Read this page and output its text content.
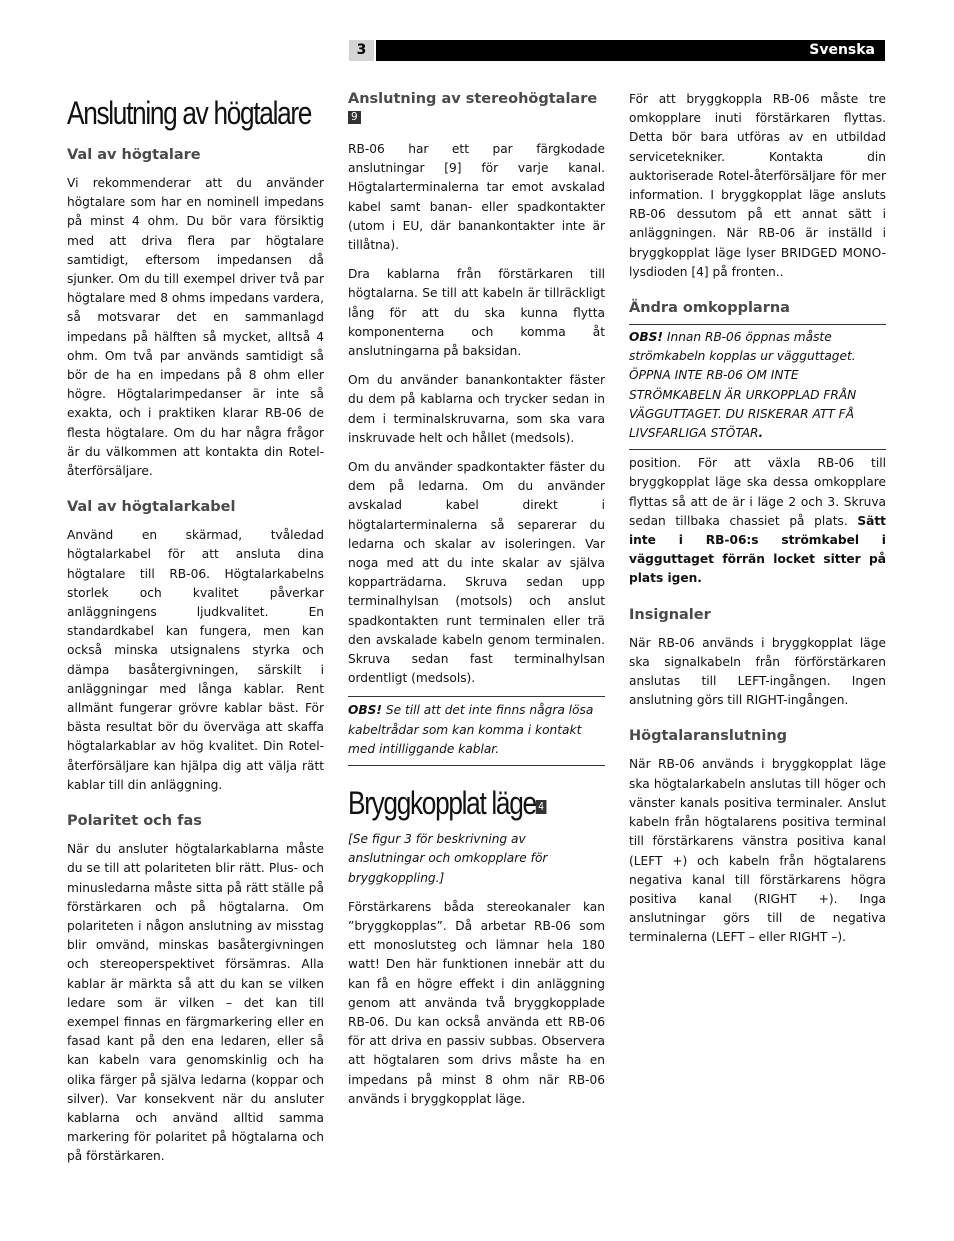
3	Svenska
Anslutning av högtalare
Val av högtalare

Vi rekommenderar att du använder högtalare som har en nominell impedans på minst 4 ohm. Du bör vara försiktig med att driva flera par högtalare samtidigt, eftersom impedansen då sjunker. Om du till exempel driver två par högtalare med 8 ohms impedans vardera, så motsvarar det en sammanlagd impedans på hälften så mycket, alltså 4 ohm. Om två par används samtidigt så bör de ha en impedans på 8 ohm eller högre. Högtalarimpedanser är inte så exakta, och i praktiken klarar RB-06 de flesta högtalare. Om du har några frågor är du välkommen att kontakta din Rotel-återförsäljare.

Val av högtalarkabel

Använd en skärmad, tvåledad högtalarkabel för att ansluta dina högtalare till RB-06. Högtalarkabelns storlek och kvalitet påverkar anläggningens ljudkvalitet. En standardkabel kan fungera, men kan också minska utsignalens styrka och dämpa basåtergivningen, särskilt i anläggningar med långa kablar. Rent allmänt fungerar grövre kablar bäst. För bästa resultat bör du överväga att skaffa högtalarkablar av hög kvalitet. Din Rotel-återförsäljare kan hjälpa dig att välja rätt kablar till din anläggning.

Polaritet och fas

När du ansluter högtalarkablarna måste du se till att polariteten blir rätt. Plus- och minusledarna måste sitta på rätt ställe på förstärkaren och på högtalarna. Om polariteten i någon anslutning av misstag blir omvänd, minskas basåtergivningen och stereoperspektivet försämras. Alla kablar är märkta så att du kan se vilken ledare som är vilken – det kan till exempel finnas en färgmarkering eller en fasad kant på den ena ledaren, eller så kan kabeln vara genomskinlig och ha olika färger på själva ledarna (koppar och silver). Var konsekvent när du ansluter kablarna och använd alltid samma markering för polaritet på högtalarna och på förstärkaren.

Anslutning av stereohögtalare 9

RB-06 har ett par färgkodade anslutningar [9] för varje kanal. Högtalarterminalerna tar emot avskalad kabel samt banan- eller spadkontakter (utom i EU, där banankontakter inte är tillåtna).

Dra kablarna från förstärkaren till högtalarna. Se till att kabeln är tillräckligt lång för att du ska kunna flytta komponenterna och komma åt anslutningarna på baksidan.

Om du använder banankontakter fäster du dem på kablarna och trycker sedan in dem i terminalskruvarna, som ska vara inskruvade helt och hållet (medsols).

Om du använder spadkontakter fäster du dem på ledarna. Om du använder avskalad kabel direkt i högtalarterminalerna så separerar du ledarna och skalar av isoleringen. Var noga med att du inte skalar av själva kopparträdarna. Skruva sedan upp terminalhylsan (motsols) och anslut spadkontakten runt terminalen eller trä den avskalade kabeln genom terminalen. Skruva sedan fast terminalhylsan ordentligt (medsols).

OBS! Se till att det inte finns några lösa kabeltrådar som kan komma i kontakt med intilliggande kablar.

Bryggkopplat läge 4

[Se figur 3 för beskrivning av anslutningar och omkopplare för bryggkoppling.]

Förstärkarens båda stereokanaler kan ”bryggkopplas”. Då arbetar RB-06 som ett monoslutsteg och lämnar hela 180 watt! Den här funktionen innebär att du kan få en högre effekt i din anläggning genom att använda två bryggkopplade RB-06. Du kan också använda ett RB-06 för att driva en passiv subbas. Observera att högtalaren som drivs måste ha en impedans på minst 8 ohm när RB-06 används i bryggkopplat läge.

För att bryggkoppla RB-06 måste tre omkopplare inuti förstärkaren flyttas. Detta bör bara utföras av en utbildad servicetekniker. Kontakta din auktoriserade Rotel-återförsäljare för mer information. I bryggkopplat läge ansluts RB-06 dessutom på ett annat sätt i anläggningen. När RB-06 är inställd i bryggkopplat läge lyser BRIDGED MONO-lysdioden [4] på fronten..

Ändra omkopplarna

OBS! Innan RB-06 öppnas måste strömkabeln kopplas ur vägguttaget. ÖPPNA INTE RB-06 OM INTE STRÖMKABELN ÄR URKOPPLAD FRÅN VÄGGUTTAGET. DU RISKERAR ATT FÅ LIVSFARLIGA STÖTAR.

position. För att växla RB-06 till bryggkopplat läge ska dessa omkopplare flyttas så att de är i läge 2 och 3. Skruva sedan tillbaka chassiet på plats. Sätt inte i RB-06:s strömkabel i vägguttaget förrän locket sitter på plats igen.

Insignaler

När RB-06 används i bryggkopplat läge ska signalkabeln från förförstärkaren anslutas till LEFT-ingången. Ingen anslutning görs till RIGHT-ingången.

Högtalaranslutning

När RB-06 används i bryggkopplat läge ska högtalarkabeln anslutas till höger och vänster kanals positiva terminaler. Anslut kabeln från högtalarens positiva terminal till förstärkarens vänstra positiva kanal (LEFT +) och kabeln från högtalarens negativa kanal till förstärkarens högra positiva kanal (RIGHT +). Inga anslutningar görs till de negativa terminalerna (LEFT – eller RIGHT –).
